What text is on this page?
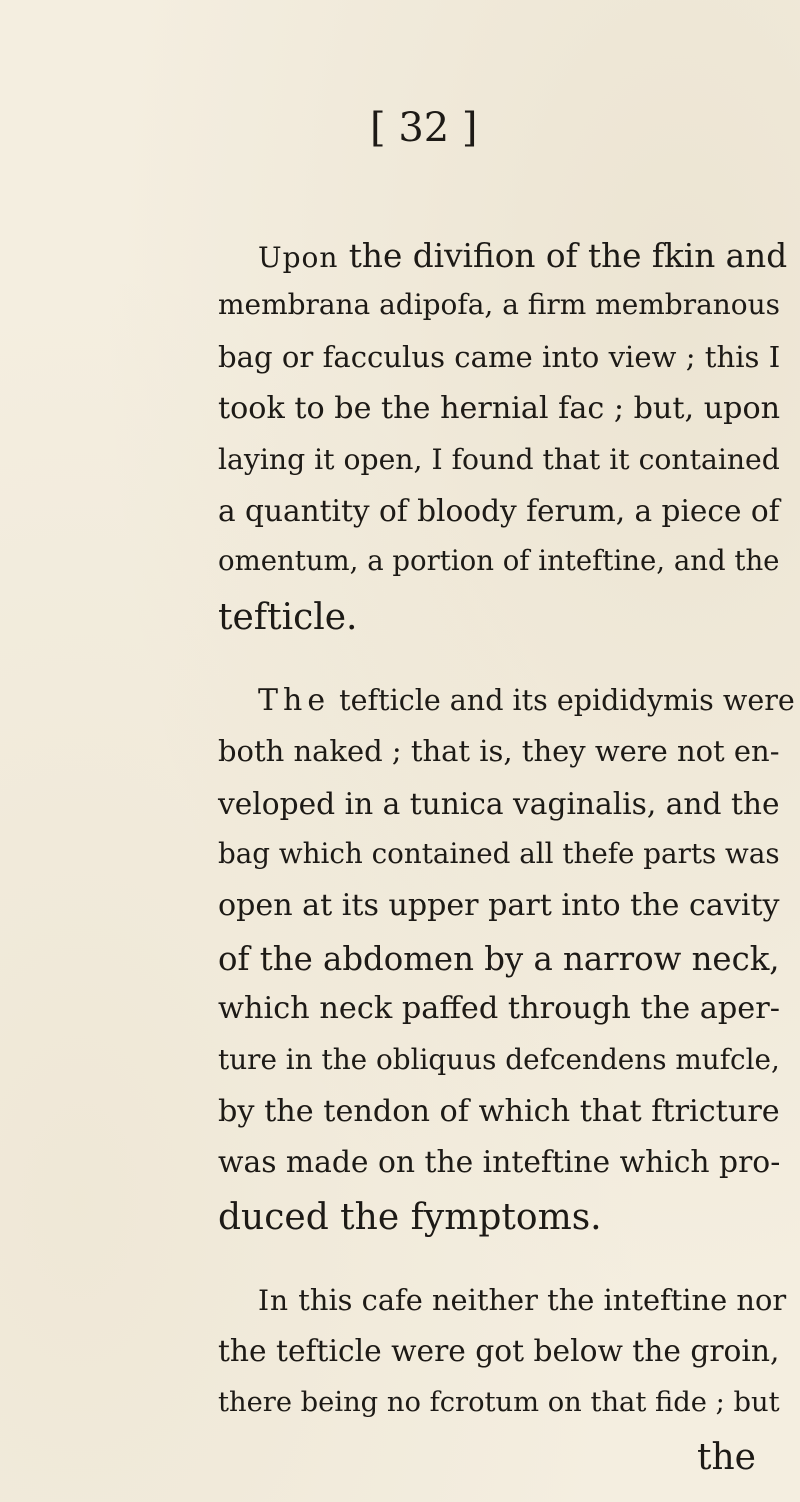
[ 32 ]
Upon the divifion of the fkin and
membrana adipofa, a firm membranous
bag or facculus came into view ; this I
took to be the hernial fac ; but, upon
laying it open, I found that it contained
a quantity of bloody ferum, a piece of
omentum, a portion of inteftine, and the
tefticle.
The tefticle and its epididymis were
both naked ; that is, they were not en-
veloped in a tunica vaginalis, and the
bag which contained all thefe parts was
open at its upper part into the cavity
of the abdomen by a narrow neck,
which neck paffed through the aper-
ture in the obliquus defcendens mufcle,
by the tendon of which that ftricture
was made on the inteftine which pro-
duced the fymptoms.
In this cafe neither the inteftine nor
the tefticle were got below the groin,
there being no fcrotum on that fide ; but
the
